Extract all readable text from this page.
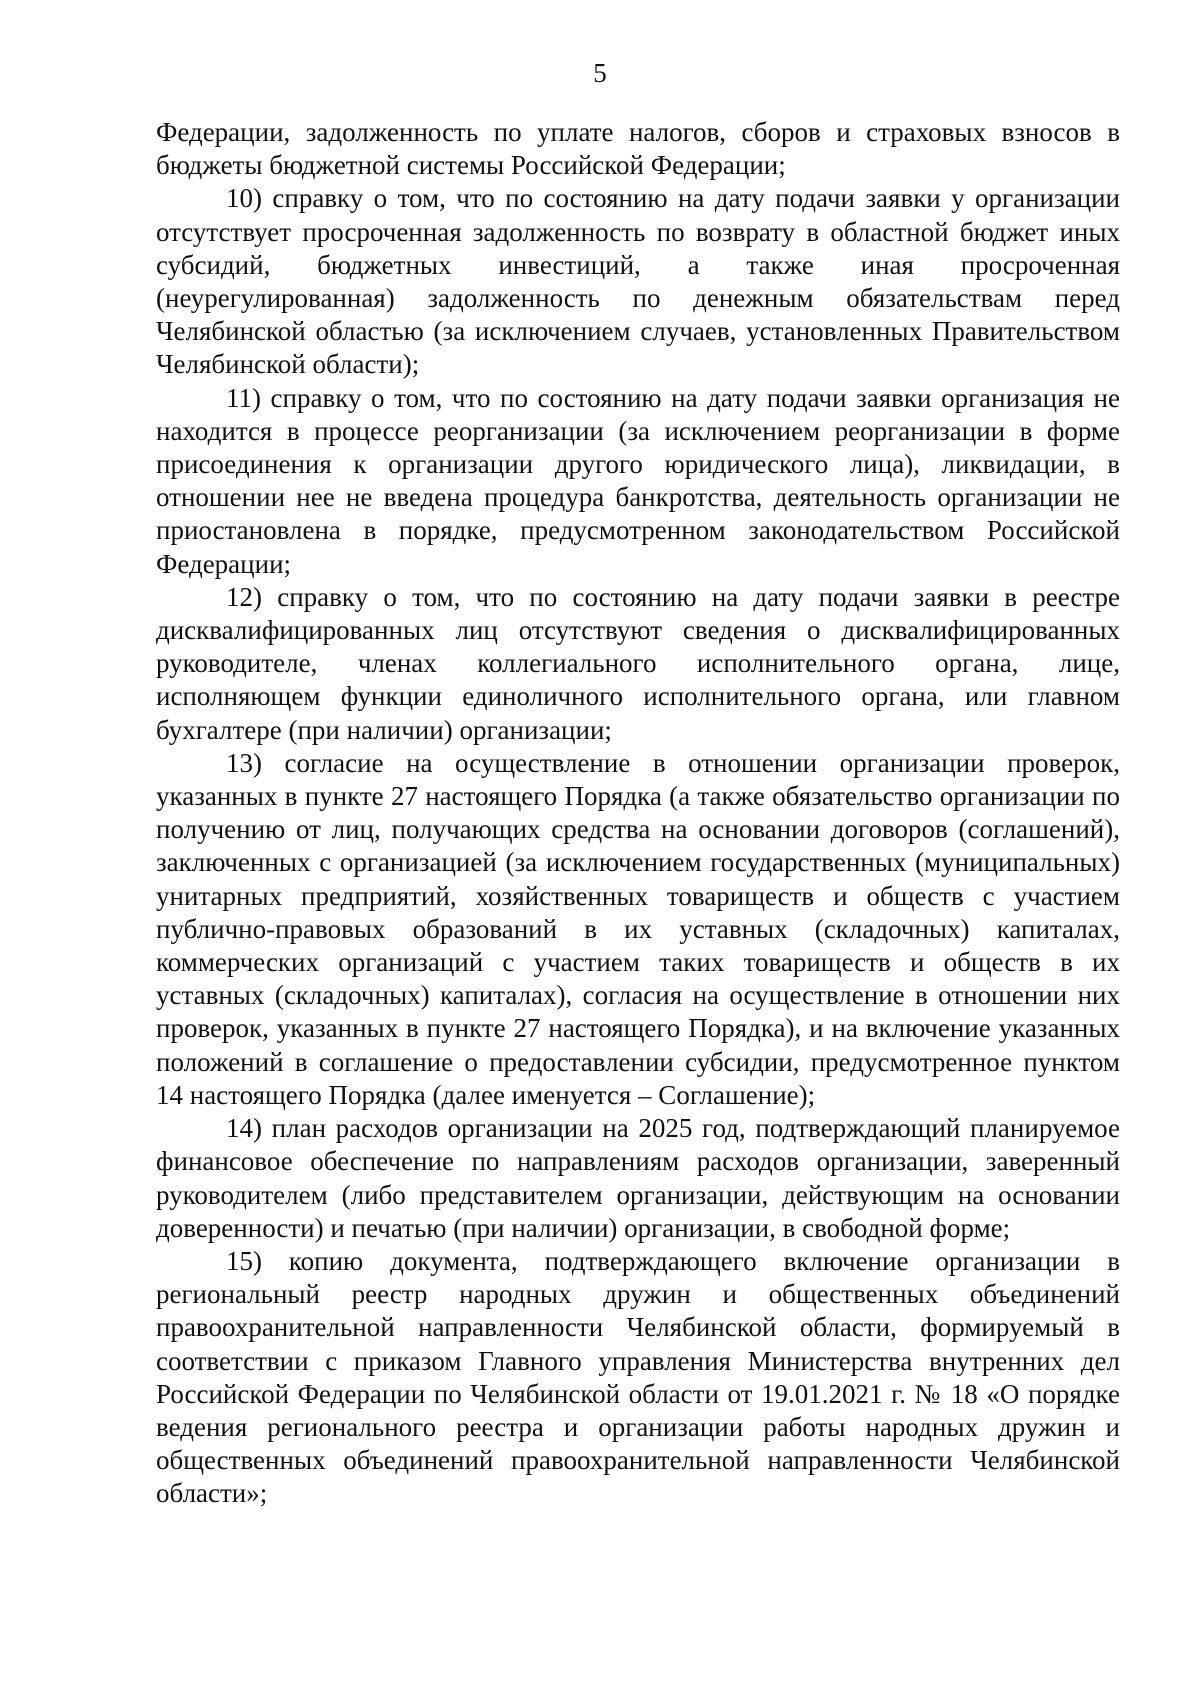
5

Федерации, задолженность по уплате налогов, сборов и страховых взносов в бюджеты бюджетной системы Российской Федерации;

10) справку о том, что по состоянию на дату подачи заявки у организации отсутствует просроченная задолженность по возврату в областной бюджет иных субсидий, бюджетных инвестиций, а также иная просроченная (неурегулированная) задолженность по денежным обязательствам перед Челябинской областью (за исключением случаев, установленных Правительством Челябинской области);

11) справку о том, что по состоянию на дату подачи заявки организация не находится в процессе реорганизации (за исключением реорганизации в форме присоединения к организации другого юридического лица), ликвидации, в отношении нее не введена процедура банкротства, деятельность организации не приостановлена в порядке, предусмотренном законодательством Российской Федерации;

12) справку о том, что по состоянию на дату подачи заявки в реестре дисквалифицированных лиц отсутствуют сведения о дисквалифицированных руководителе, членах коллегиального исполнительного органа, лице, исполняющем функции единоличного исполнительного органа, или главном бухгалтере (при наличии) организации;

13) согласие на осуществление в отношении организации проверок, указанных в пункте 27 настоящего Порядка (а также обязательство организации по получению от лиц, получающих средства на основании договоров (соглашений), заключенных с организацией (за исключением государственных (муниципальных) унитарных предприятий, хозяйственных товариществ и обществ с участием публично-правовых образований в их уставных (складочных) капиталах, коммерческих организаций с участием таких товариществ и обществ в их уставных (складочных) капиталах), согласия на осуществление в отношении них проверок, указанных в пункте 27 настоящего Порядка), и на включение указанных положений в соглашение о предоставлении субсидии, предусмотренное пунктом 14 настоящего Порядка (далее именуется – Соглашение);

14) план расходов организации на 2025 год, подтверждающий планируемое финансовое обеспечение по направлениям расходов организации, заверенный руководителем (либо представителем организации, действующим на основании доверенности) и печатью (при наличии) организации, в свободной форме;

15) копию документа, подтверждающего включение организации в региональный реестр народных дружин и общественных объединений правоохранительной направленности Челябинской области, формируемый в соответствии с приказом Главного управления Министерства внутренних дел Российской Федерации по Челябинской области от 19.01.2021 г. № 18 «О порядке ведения регионального реестра и организации работы народных дружин и общественных объединений правоохранительной направленности Челябинской области»;
